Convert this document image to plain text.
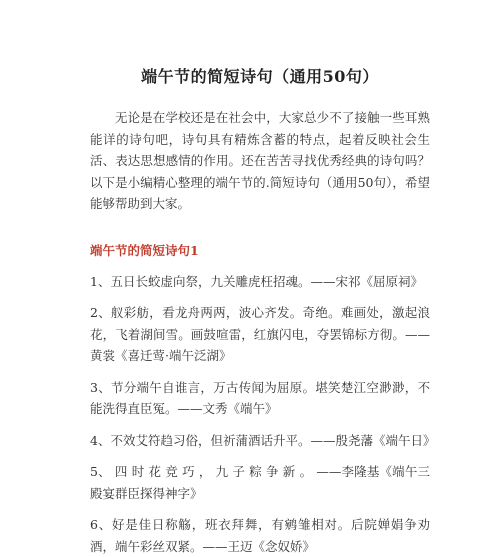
端午节的简短诗句（通用50句）

无论是在学校还是在社会中，大家总少不了接触一些耳熟能详的诗句吧，诗句具有精炼含蓄的特点，起着反映社会生活、表达思想感情的作用。还在苦苦寻找优秀经典的诗句吗？以下是小编精心整理的端午节的.简短诗句（通用50句），希望能够帮助到大家。

端午节的简短诗句1

1、五日长蛟虚向祭，九关雕虎枉招魂。——宋祁《屈原祠》

2、舣彩舫，看龙舟两两，波心齐发。奇绝。难画处，激起浪花，飞着湖间雪。画鼓喧雷，红旗闪电，夺罢锦标方彻。——黄裳《喜迁莺·端午泛湖》

3、节分端午自谁言，万古传闻为屈原。堪笑楚江空渺渺，不能洗得直臣冤。——文秀《端午》

4、不效艾符趋习俗，但祈蒲酒话升平。——殷尧藩《端午日》

5、 四 时 花 竞 巧 ， 九 子 粽 争 新 。 ——李隆基《端午三殿宴群臣探得神字》

6、好是佳日称觞，班衣拜舞，有鹓雏相对。后院婵娟争劝酒，端午彩丝双紧。——王迈《念奴娇》
